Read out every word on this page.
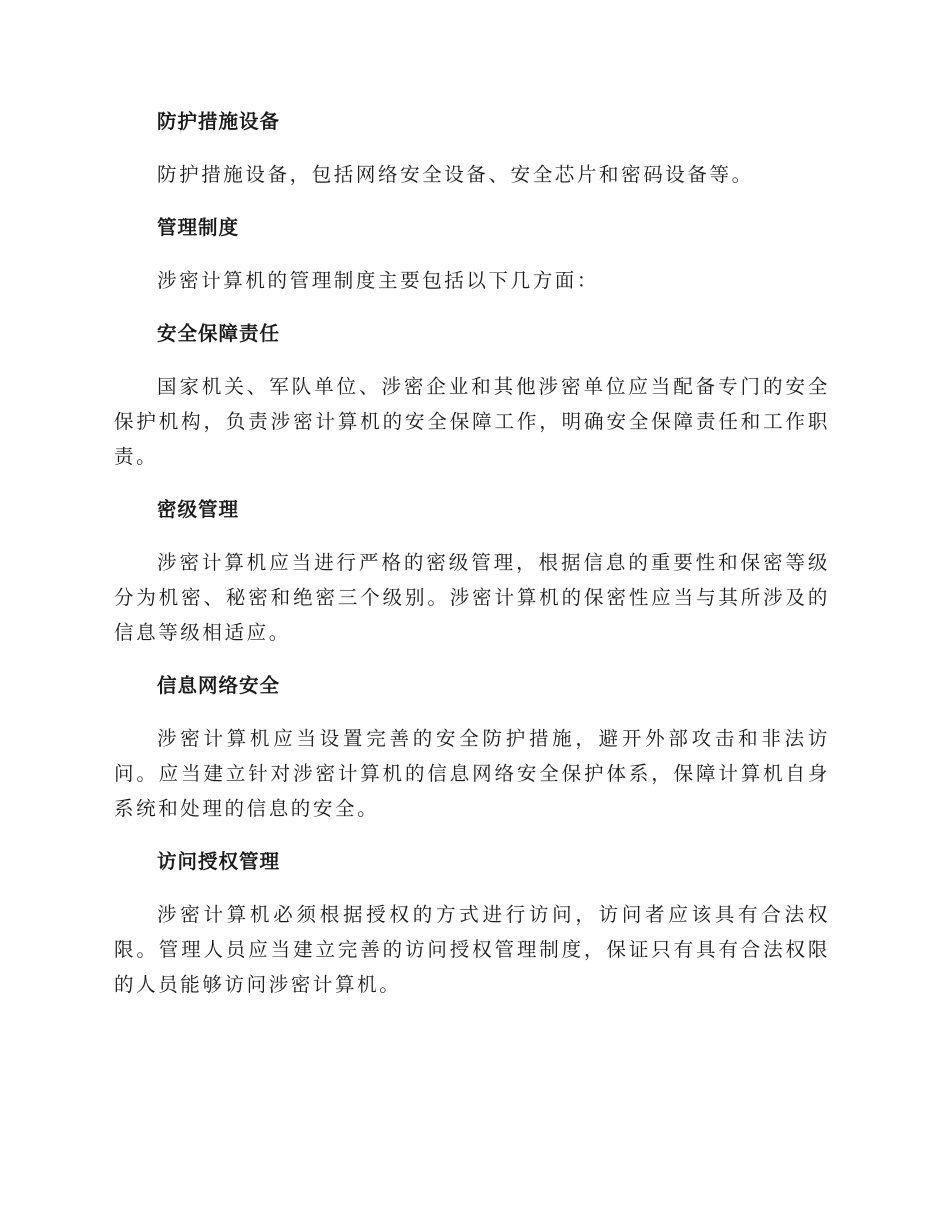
防护措施设备

防护措施设备，包括网络安全设备、安全芯片和密码设备等。

管理制度

涉密计算机的管理制度主要包括以下几方面：

安全保障责任

国家机关、军队单位、涉密企业和其他涉密单位应当配备专门的安全保护机构，负责涉密计算机的安全保障工作，明确安全保障责任和工作职责。

密级管理

涉密计算机应当进行严格的密级管理，根据信息的重要性和保密等级分为机密、秘密和绝密三个级别。涉密计算机的保密性应当与其所涉及的信息等级相适应。

信息网络安全

涉密计算机应当设置完善的安全防护措施，避开外部攻击和非法访问。应当建立针对涉密计算机的信息网络安全保护体系，保障计算机自身系统和处理的信息的安全。

访问授权管理

涉密计算机必须根据授权的方式进行访问，访问者应该具有合法权限。管理人员应当建立完善的访问授权管理制度，保证只有具有合法权限的人员能够访问涉密计算机。
